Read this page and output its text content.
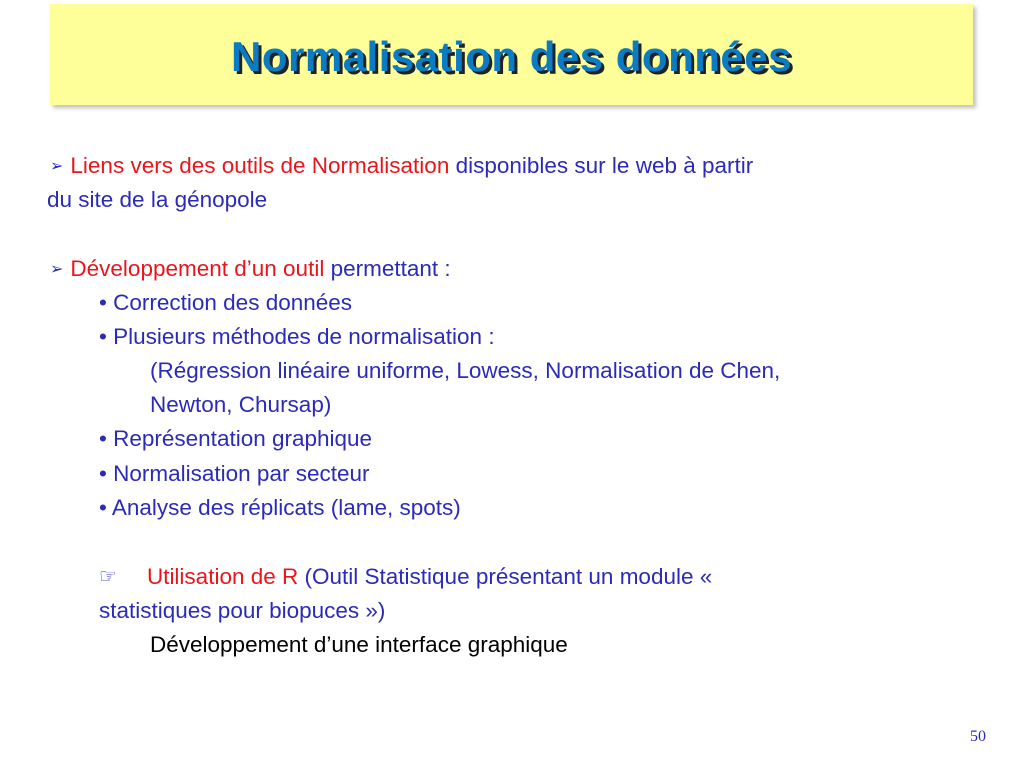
Normalisation des données
➢ Liens vers des outils de Normalisation disponibles sur le web à partir
du site de la génopole
➢ Développement d’un outil permettant :
• Correction des données
• Plusieurs méthodes de normalisation :
(Régression linéaire uniforme, Lowess, Normalisation de Chen,
Newton, Chursap)
• Représentation graphique
• Normalisation par secteur
• Analyse des réplicats (lame, spots)
☞ Utilisation de R (Outil Statistique présentant un module «
statistiques pour biopuces »)
Développement d’une interface graphique
50
